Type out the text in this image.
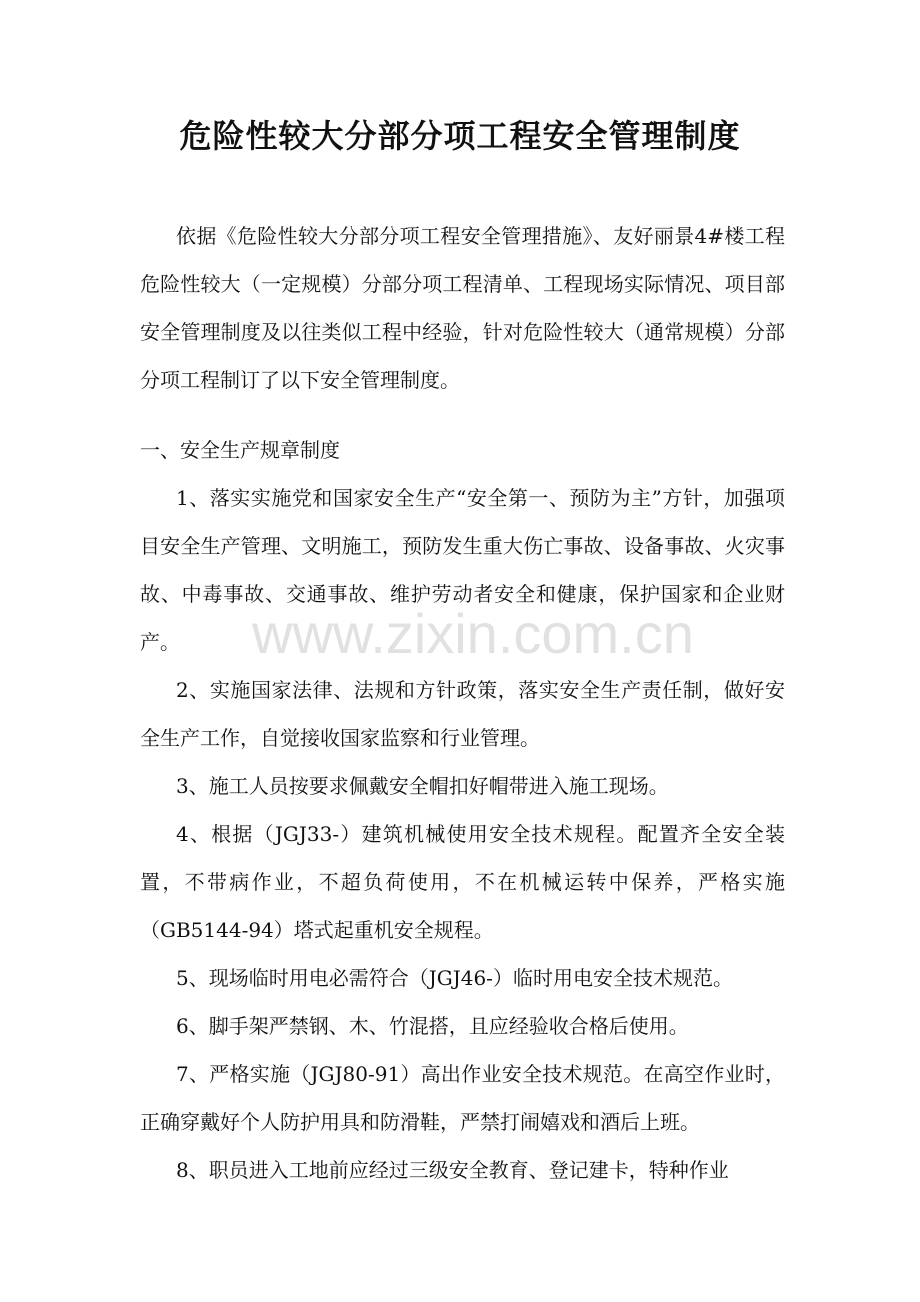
危险性较大分部分项工程安全管理制度
依据《危险性较大分部分项工程安全管理措施》、友好丽景4#楼工程危险性较大（一定规模）分部分项工程清单、工程现场实际情况、项目部安全管理制度及以往类似工程中经验，针对危险性较大（通常规模）分部分项工程制订了以下安全管理制度。
一、安全生产规章制度
1、落实实施党和国家安全生产“安全第一、预防为主”方针，加强项目安全生产管理、文明施工，预防发生重大伤亡事故、设备事故、火灾事故、中毒事故、交通事故、维护劳动者安全和健康，保护国家和企业财产。
2、实施国家法律、法规和方针政策，落实安全生产责任制，做好安全生产工作，自觉接收国家监察和行业管理。
3、施工人员按要求佩戴安全帽扣好帽带进入施工现场。
4、根据（JGJ33-）建筑机械使用安全技术规程。配置齐全安全装置，不带病作业，不超负荷使用，不在机械运转中保养，严格实施（GB5144-94）塔式起重机安全规程。
5、现场临时用电必需符合（JGJ46-）临时用电安全技术规范。
6、脚手架严禁钢、木、竹混搭，且应经验收合格后使用。
7、严格实施（JGJ80-91）高出作业安全技术规范。在高空作业时，正确穿戴好个人防护用具和防滑鞋，严禁打闹嬉戏和酒后上班。
8、职员进入工地前应经过三级安全教育、登记建卡，特种作业
www.zixin.com.cn
